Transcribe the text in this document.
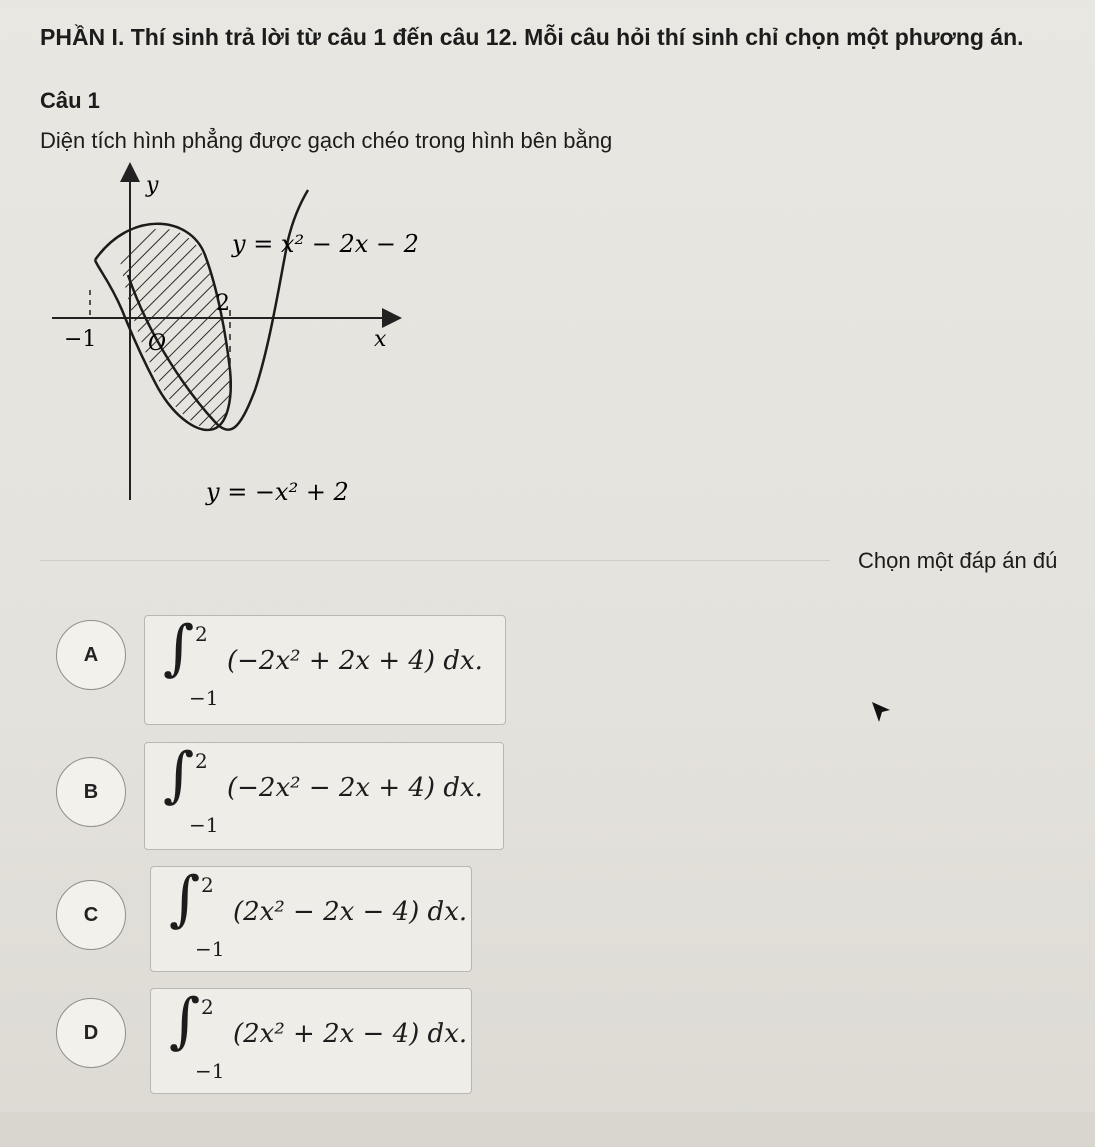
PHẦN I. Thí sinh trả lời từ câu 1 đến câu 12. Mỗi câu hỏi thí sinh chỉ chọn một phương án.
Câu 1
Diện tích hình phẳng được gạch chéo trong hình bên bằng
y
x
O
−1
2
y = x² − 2x − 2
y = −x² + 2
Chọn một đáp án đú
A ∫ 2
−1
(−2x² + 2x + 4) dx.
B ∫ 2
−1
(−2x² − 2x + 4) dx.
C ∫ 2
−1
(2x² − 2x − 4) dx.
D ∫ 2
−1
(2x² + 2x − 4) dx.
